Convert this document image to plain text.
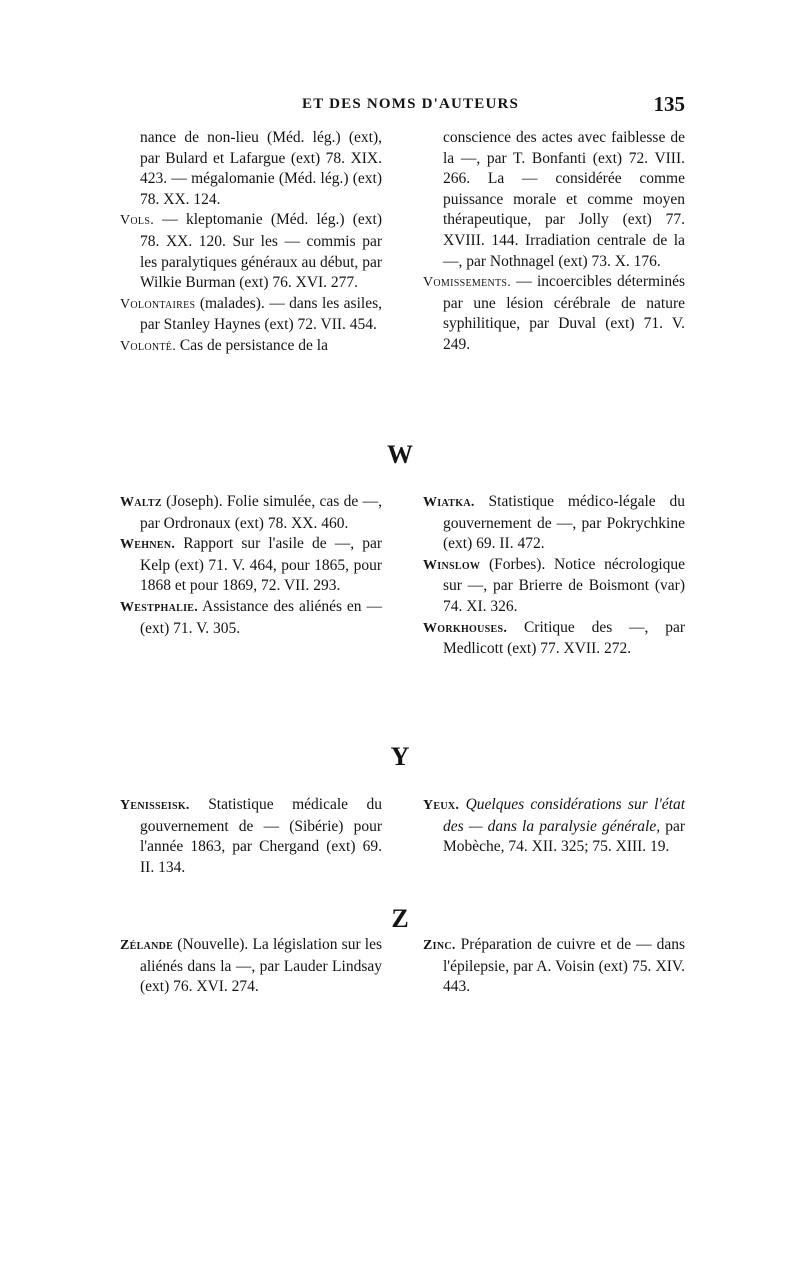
ET DES NOMS D'AUTEURS	135

nance de non-lieu (Méd. lég.) (ext), par Bulard et Lafargue (ext) 78. XIX. 423. — mégalomanie (Méd. lég.) (ext) 78. XX. 124.

Vols. — kleptomanie (Méd. lég.) (ext) 78. XX. 120. Sur les — commis par les paralytiques généraux au début, par Wilkie Burman (ext) 76. XVI. 277.

Volontaires (malades). — dans les asiles, par Stanley Haynes (ext) 72. VII. 454.

Volonté. Cas de persistance de la

conscience des actes avec faiblesse de la —, par T. Bonfanti (ext) 72. VIII. 266. La — considérée comme puissance morale et comme moyen thérapeutique, par Jolly (ext) 77. XVIII. 144. Irradiation centrale de la —, par Nothnagel (ext) 73. X. 176.

Vomissements. — incoercibles déterminés par une lésion cérébrale de nature syphilitique, par Duval (ext) 71. V. 249.

W

Waltz (Joseph). Folie simulée, cas de —, par Ordronaux (ext) 78. XX. 460.

Wehnen. Rapport sur l'asile de —, par Kelp (ext) 71. V. 464, pour 1865, pour 1868 et pour 1869, 72. VII. 293.

Westphalie. Assistance des aliénés en — (ext) 71. V. 305.

Wiatka. Statistique médico-légale du gouvernement de —, par Pokrychkine (ext) 69. II. 472.

Winslow (Forbes). Notice nécrologique sur —, par Brierre de Boismont (var) 74. XI. 326.

Workhouses. Critique des —, par Medlicott (ext) 77. XVII. 272.

Y

Yenisseisk. Statistique médicale du gouvernement de — (Sibérie) pour l'année 1863, par Chergand (ext) 69. II. 134.

Yeux. Quelques considérations sur l'état des — dans la paralysie générale, par Mobèche, 74. XII. 325; 75. XIII. 19.

Z

Zélande (Nouvelle). La législation sur les aliénés dans la —, par Lauder Lindsay (ext) 76. XVI. 274.

Zinc. Préparation de cuivre et de — dans l'épilepsie, par A. Voisin (ext) 75. XIV. 443.
